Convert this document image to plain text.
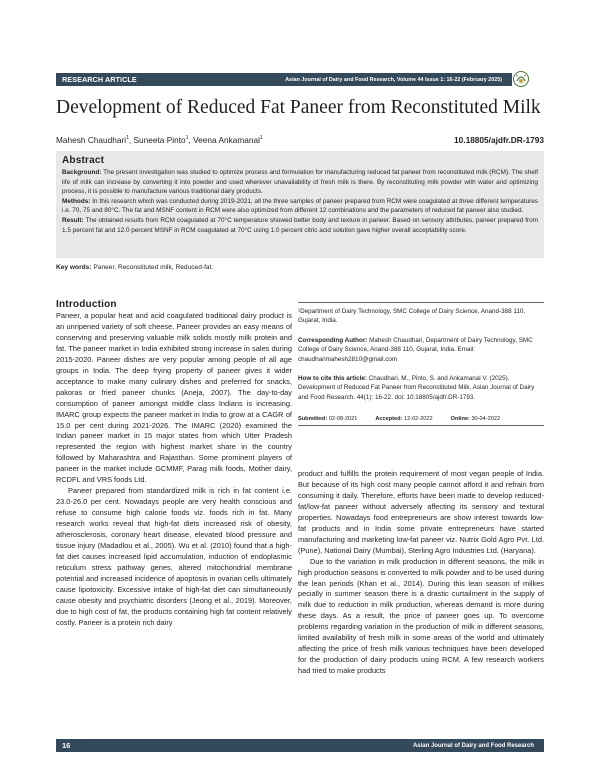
RESEARCH ARTICLE	Asian Journal of Dairy and Food Research, Volume 44 Issue 1: 16-22 (February 2025)
Development of Reduced Fat Paneer from Reconstituted Milk
Mahesh Chaudhari$^1$, Suneeta Pinto$^1$, Veena Ankamanal$^1$	10.18805/ajdfr.DR-1793
Abstract

Background: The present investigation was studied to optimize process and formulation for manufacturing reduced fat paneer from reconstituted milk (RCM). The shelf life of milk can increase by converting it into powder and used wherever unavailability of fresh milk is there. By reconstituting milk powder with water and optimizing process, it is possible to manufacture various traditional dairy products.

Methods: In this research which was conducted during 2019-2021, all the three samples of paneer prepared from RCM were coagulated at three different temperatures i.e. 70, 75 and 80°C. The fat and MSNF content in RCM were also optimized from different 12 combinations and the parameters of reduced fat paneer also studied.

Result: The obtained results from RCM coagulated at 70°C temperature showed better body and texture in paneer. Based on sensory attributes, paneer prepared from 1.5 percent fat and 12.0 percent MSNF in RCM coagulated at 70°C using 1.0 percent citric acid solution gave higher overall acceptability score.

Key words: Paneer, Reconstituted milk, Reduced-fat.
Introduction

Paneer, a popular heat and acid coagulated traditional dairy product is an unripened variety of soft cheese. Paneer provides an easy means of conserving and preserving valuable milk solids mostly milk protein and fat. The paneer market in India exhibited strong increase in sales during 2015-2020. Paneer dishes are very popular among people of all age groups in India. The deep frying property of paneer gives it wider acceptance to make many culinary dishes and preferred for snacks, pakoras or fried paneer chunks (Aneja, 2007). The day-to-day consumption of paneer amongst middle class Indians is increasing. IMARC group expects the paneer market in India to grow at a CAGR of 15.0 per cent during 2021-2026. The IMARC (2020) examined the Indian paneer market in 15 major states from which Utter Pradesh represented the region with highest market share in the country followed by Maharashtra and Rajasthan. Some prominent players of paneer in the market include GCMMF, Parag milk foods, Mother dairy, RCDFL and VRS foods Ltd.

Paneer prepared from standardized milk is rich in fat content i.e. 23.0-26.0 per cent. Nowadays people are very health conscious and refuse to consume high calorie foods viz. foods rich in fat. Many research works reveal that high-fat diets increased risk of obesity, atherosclerosis, coronary heart disease, elevated blood pressure and tissue injury (Madadlou et al., 2005). Wu et al. (2010) found that a high-fat diet causes increased lipid accumulation, induction of endoplasmic reticulum stress pathway genes, altered mitochondrial membrane potential and increased incidence of apoptosis in ovarian cells ultimately cause lipotoxicity. Excessive intake of high-fat diet can simultaneously cause obesity and psychiatric disorders (Jeong et al., 2019). Moreover, due to high cost of fat, the products containing high fat content relatively costly. Paneer is a protein rich dairy

¹Department of Dairy Technology, SMC College of Dairy Science, Anand-388 110, Gujarat, India.
Corresponding Author: Mahesh Chaudhari, Department of Dairy Technology, SMC College of Dairy Science, Anand-388 110, Gujarat, India. Email: chaudharimahesh2810@gmail.com
How to cite this article: Chaudhari, M., Pinto, S. and Ankamanal V. (2025). Development of Reduced Fat Paneer from Reconstituted Milk. Asian Journal of Dairy and Food Research. 44(1): 16-22. doi: 10.18805/ajdfr.DR-1793.
Submitted: 02-08-2021	Accepted: 12-02-2022	Online: 30-04-2022

product and fulfills the protein requirement of most vegan people of India. But because of its high cost many people cannot afford it and refrain from consuming it daily. Therefore, efforts have been made to develop reduced-fat/low-fat paneer without adversely affecting its sensory and textural properties. Nowadays food entrepreneurs are show interest towards low-fat products and in India some private entrepreneurs have started manufacturing and marketing low-fat paneer viz. Nutrix Gold Agro Pvt. Ltd. (Pune), National Dairy (Mumbai), Sterling Agro Industries Ltd. (Haryana).

Due to the variation in milk production in different seasons, the milk in high production seasons is converted to milk powder and to be used during the lean periods (Khan et al., 2014). During this lean season of milkes pecially in summer season there is a drastic curtailment in the supply of milk due to reduction in milk production, whereas demand is more during these days. As a result, the price of paneer goes up. To overcome problems regarding variation in the production of milk in different seasons, limited availability of fresh milk in some areas of the world and ultimately affecting the price of fresh milk various techniques have been developed for the production of dairy products using RCM. A few research workers had tried to make products

16	Asian Journal of Dairy and Food Research
